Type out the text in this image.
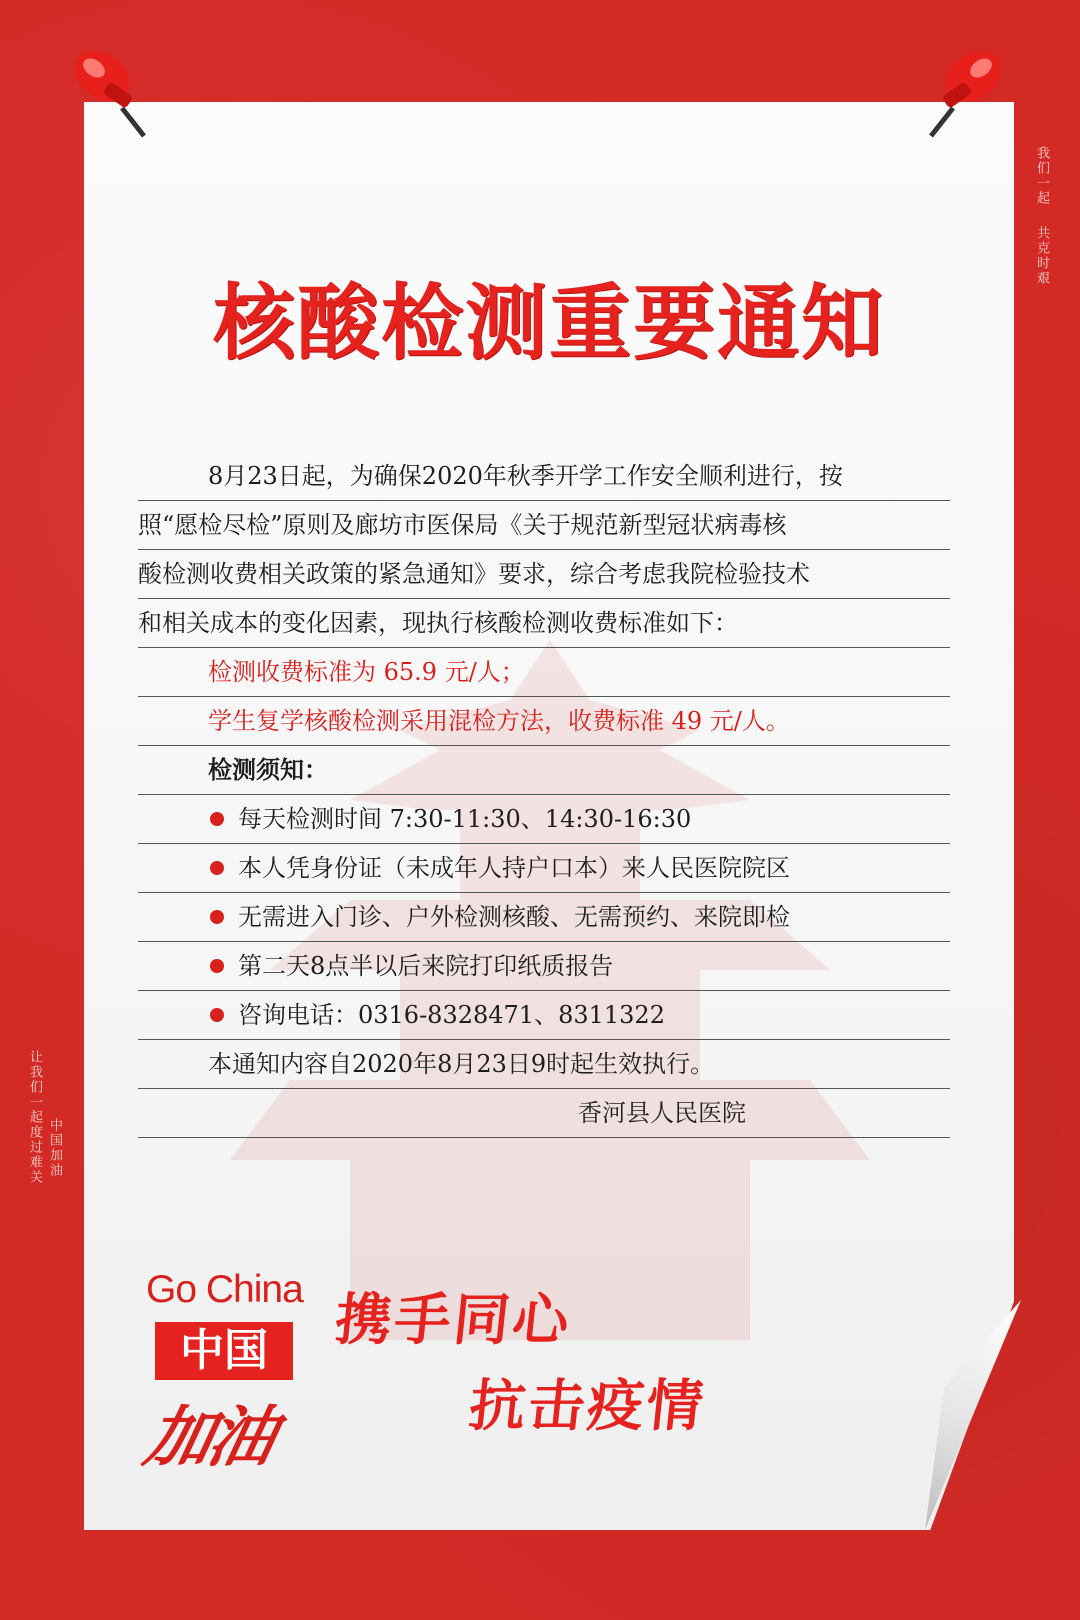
我们一起
共克时艰
让我们一起度过难关 中国加油
核酸检测重要通知
8月23日起，为确保2020年秋季开学工作安全顺利进行，按
照“愿检尽检”原则及廊坊市医保局《关于规范新型冠状病毒核
酸检测收费相关政策的紧急通知》要求，综合考虑我院检验技术
和相关成本的变化因素，现执行核酸检测收费标准如下：
检测收费标准为 65.9 元/人；
学生复学核酸检测采用混检方法，收费标准 49 元/人。
检测须知：
每天检测时间 7:30-11:30、14:30-16:30
本人凭身份证（未成年人持户口本）来人民医院院区
无需进入门诊、户外检测核酸、无需预约、来院即检
第二天8点半以后来院打印纸质报告
咨询电话：0316-8328471、8311322
本通知内容自2020年8月23日9时起生效执行。
香河县人民医院
Go China
中国
加油
携手同心
抗击疫情
